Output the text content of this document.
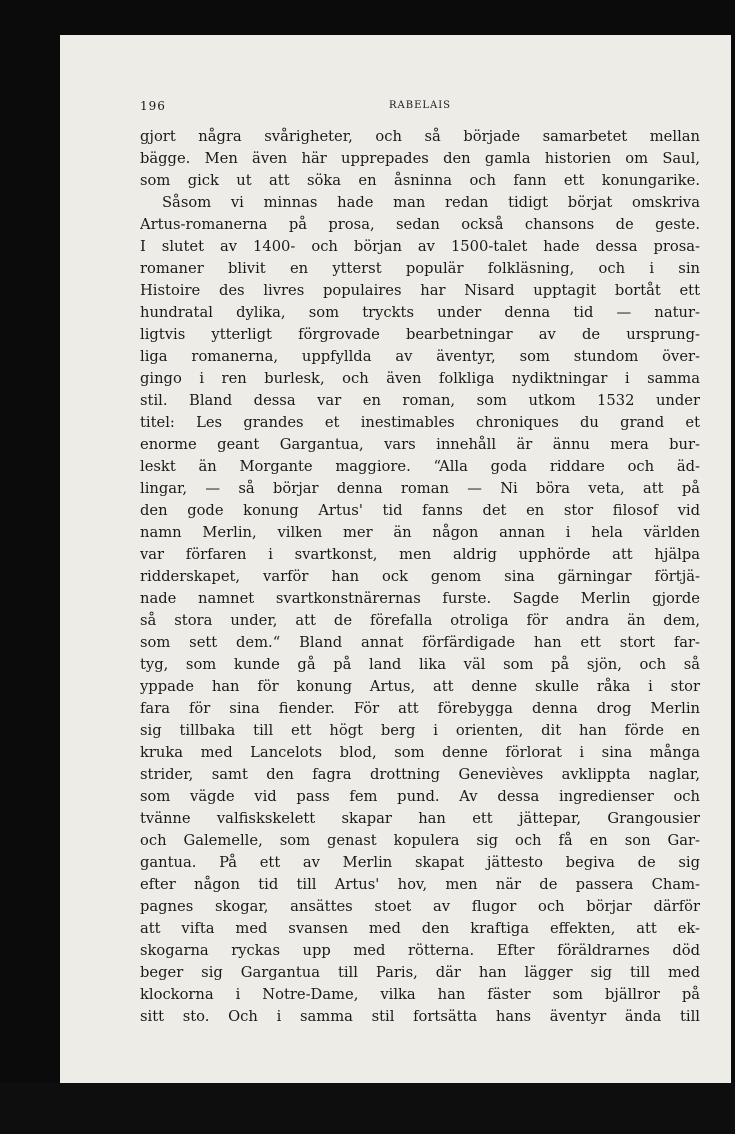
196	RABELAIS
gjort några svårigheter, och så började samarbetet mellan
bägge. Men även här upprepades den gamla historien om Saul,
som gick ut att söka en åsninna och fann ett konungarike.
Såsom vi minnas hade man redan tidigt börjat omskriva
Artus-romanerna på prosa, sedan också chansons de geste.
I slutet av 1400- och början av 1500-talet hade dessa prosa-
romaner blivit en ytterst populär folkläsning, och i sin
Histoire des livres populaires har Nisard upptagit bortåt ett
hundratal dylika, som tryckts under denna tid — natur-
ligtvis ytterligt förgrovade bearbetningar av de ursprung-
liga romanerna, uppfyllda av äventyr, som stundom över-
gingo i ren burlesk, och även folkliga nydiktningar i samma
stil. Bland dessa var en roman, som utkom 1532 under
titel: Les grandes et inestimables chroniques du grand et
enorme geant Gargantua, vars innehåll är ännu mera bur-
leskt än Morgante maggiore. “Alla goda riddare och äd-
lingar, — så börjar denna roman — Ni böra veta, att på
den gode konung Artus' tid fanns det en stor filosof vid
namn Merlin, vilken mer än någon annan i hela världen
var förfaren i svartkonst, men aldrig upphörde att hjälpa
ridderskapet, varför han ock genom sina gärningar förtjä-
nade namnet svartkonstnärernas furste. Sagde Merlin gjorde
så stora under, att de förefalla otroliga för andra än dem,
som sett dem.“ Bland annat förfärdigade han ett stort far-
tyg, som kunde gå på land lika väl som på sjön, och så
yppade han för konung Artus, att denne skulle råka i stor
fara för sina fiender. För att förebygga denna drog Merlin
sig tillbaka till ett högt berg i orienten, dit han förde en
kruka med Lancelots blod, som denne förlorat i sina många
strider, samt den fagra drottning Genevièves avklippta naglar,
som vägde vid pass fem pund. Av dessa ingredienser och
tvänne valfiskskelett skapar han ett jättepar, Grangousier
och Galemelle, som genast kopulera sig och få en son Gar-
gantua. På ett av Merlin skapat jättesto begiva de sig
efter någon tid till Artus' hov, men när de passera Cham-
pagnes skogar, ansättes stoet av flugor och börjar därför
att vifta med svansen med den kraftiga effekten, att ek-
skogarna ryckas upp med rötterna. Efter föräldrarnes död
beger sig Gargantua till Paris, där han lägger sig till med
klockorna i Notre-Dame, vilka han fäster som bjällror på
sitt sto. Och i samma stil fortsätta hans äventyr ända till
